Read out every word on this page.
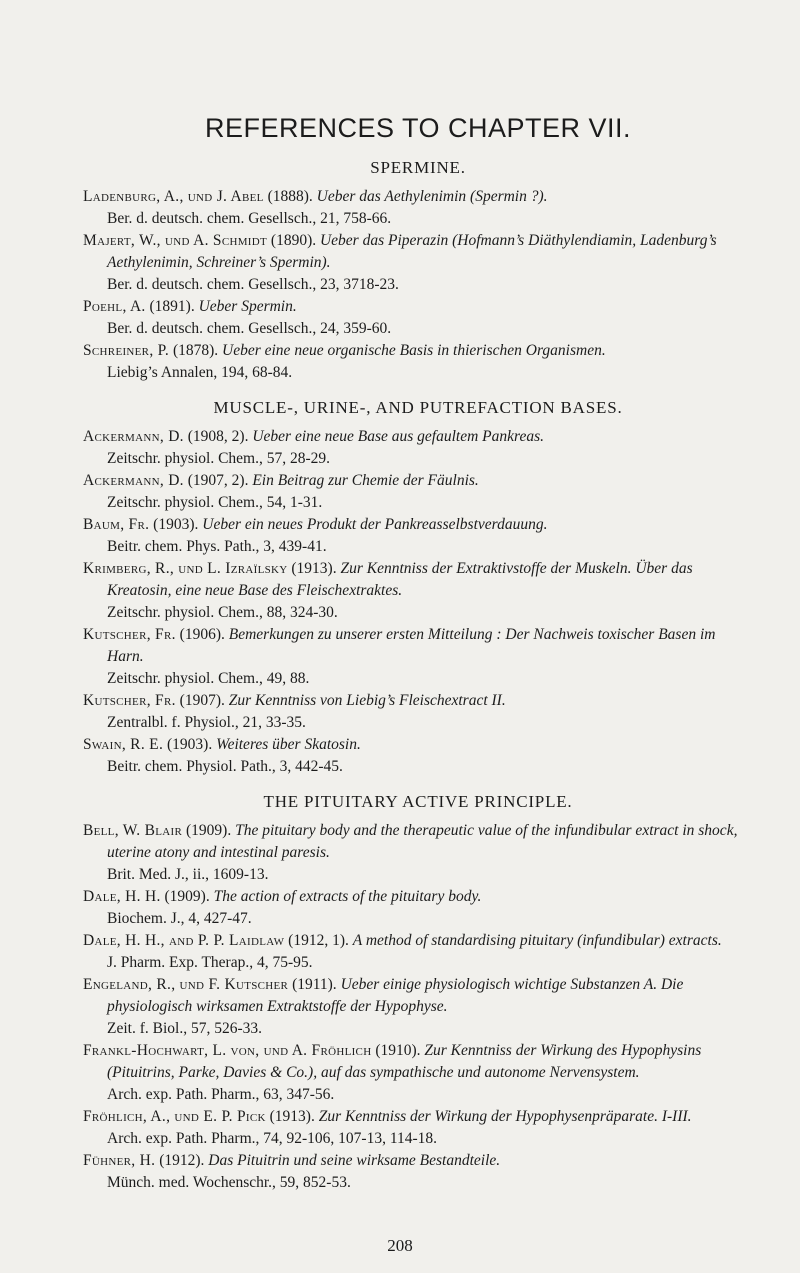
REFERENCES TO CHAPTER VII.
SPERMINE.

Ladenburg, A., und J. Abel (1888). Ueber das Aethylenimin (Spermin ?).
Ber. d. deutsch. chem. Gesellsch., 21, 758-66.

Majert, W., und A. Schmidt (1890). Ueber das Piperazin (Hofmann’s Diäthylendiamin, Ladenburg’s Aethylenimin, Schreiner’s Spermin).
Ber. d. deutsch. chem. Gesellsch., 23, 3718-23.

Poehl, A. (1891). Ueber Spermin.
Ber. d. deutsch. chem. Gesellsch., 24, 359-60.

Schreiner, P. (1878). Ueber eine neue organische Basis in thierischen Organismen.
Liebig’s Annalen, 194, 68-84.

MUSCLE-, URINE-, AND PUTREFACTION BASES.

Ackermann, D. (1908, 2). Ueber eine neue Base aus gefaultem Pankreas.
Zeitschr. physiol. Chem., 57, 28-29.

Ackermann, D. (1907, 2). Ein Beitrag zur Chemie der Fäulnis.
Zeitschr. physiol. Chem., 54, 1-31.

Baum, Fr. (1903). Ueber ein neues Produkt der Pankreasselbstverdauung.
Beitr. chem. Phys. Path., 3, 439-41.

Krimberg, R., und L. Izraïlsky (1913). Zur Kenntniss der Extraktivstoffe der Muskeln. Über das Kreatosin, eine neue Base des Fleischextraktes.
Zeitschr. physiol. Chem., 88, 324-30.

Kutscher, Fr. (1906). Bemerkungen zu unserer ersten Mitteilung : Der Nachweis toxischer Basen im Harn.
Zeitschr. physiol. Chem., 49, 88.

Kutscher, Fr. (1907). Zur Kenntniss von Liebig’s Fleischextract II.
Zentralbl. f. Physiol., 21, 33-35.

Swain, R. E. (1903). Weiteres über Skatosin.
Beitr. chem. Physiol. Path., 3, 442-45.

THE PITUITARY ACTIVE PRINCIPLE.

Bell, W. Blair (1909). The pituitary body and the therapeutic value of the infundibular extract in shock, uterine atony and intestinal paresis.
Brit. Med. J., ii., 1609-13.

Dale, H. H. (1909). The action of extracts of the pituitary body.
Biochem. J., 4, 427-47.

Dale, H. H., and P. P. Laidlaw (1912, 1). A method of standardising pituitary (infundibular) extracts.
J. Pharm. Exp. Therap., 4, 75-95.

Engeland, R., und F. Kutscher (1911). Ueber einige physiologisch wichtige Substanzen A. Die physiologisch wirksamen Extraktstoffe der Hypophyse.
Zeit. f. Biol., 57, 526-33.

Frankl-Hochwart, L. von, und A. Fröhlich (1910). Zur Kenntniss der Wirkung des Hypophysins (Pituitrins, Parke, Davies & Co.), auf das sympathische und autonome Nervensystem.
Arch. exp. Path. Pharm., 63, 347-56.

Fröhlich, A., und E. P. Pick (1913). Zur Kenntniss der Wirkung der Hypophysenpräparate. I-III.
Arch. exp. Path. Pharm., 74, 92-106, 107-13, 114-18.

Fühner, H. (1912). Das Pituitrin und seine wirksame Bestandteile.
Münch. med. Wochenschr., 59, 852-53.

208
